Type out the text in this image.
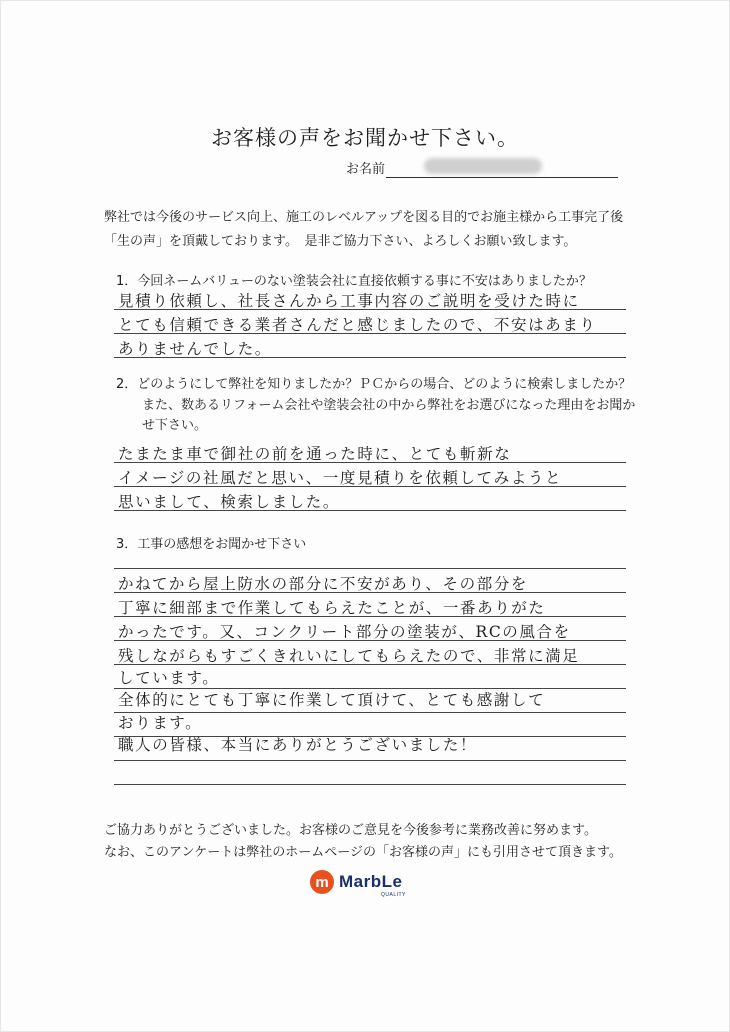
お客様の声をお聞かせ下さい。
お名前

弊社では今後のサービス向上、施工のレベルアップを図る目的でお施主様から工事完了後

「生の声」を頂戴しております。　是非ご協力下さい、よろしくお願い致します。

1．今回ネームバリューのない塗装会社に直接依頼する事に不安はありましたか？

見積り依頼し、社長さんから工事内容のご説明を受けた時に
とても信頼できる業者さんだと感じましたので、不安はあまり
ありませんでした。

2．どのようにして弊社を知りましたか？ＰＣからの場合、どのように検索しましたか？

　　また、数あるリフォーム会社や塗装会社の中から弊社をお選びになった理由をお聞か

　　せ下さい。

たまたま車で御社の前を通った時に、とても斬新な
イメージの社風だと思い、一度見積りを依頼してみようと
思いまして、検索しました。

3．工事の感想をお聞かせ下さい

かねてから屋上防水の部分に不安があり、その部分を
丁寧に細部まで作業してもらえたことが、一番ありがた
かったです。又、コンクリート部分の塗装が、RCの風合を
残しながらもすごくきれいにしてもらえたので、非常に満足
しています。
全体的にとても丁寧に作業して頂けて、とても感謝して
おります。
職人の皆様、本当にありがとうございました！

ご協力ありがとうございました。お客様のご意見を今後参考に業務改善に努めます。

なお、このアンケートは弊社のホームページの「お客様の声」にも引用させて頂きます。

m MarbLe
QUALITY
